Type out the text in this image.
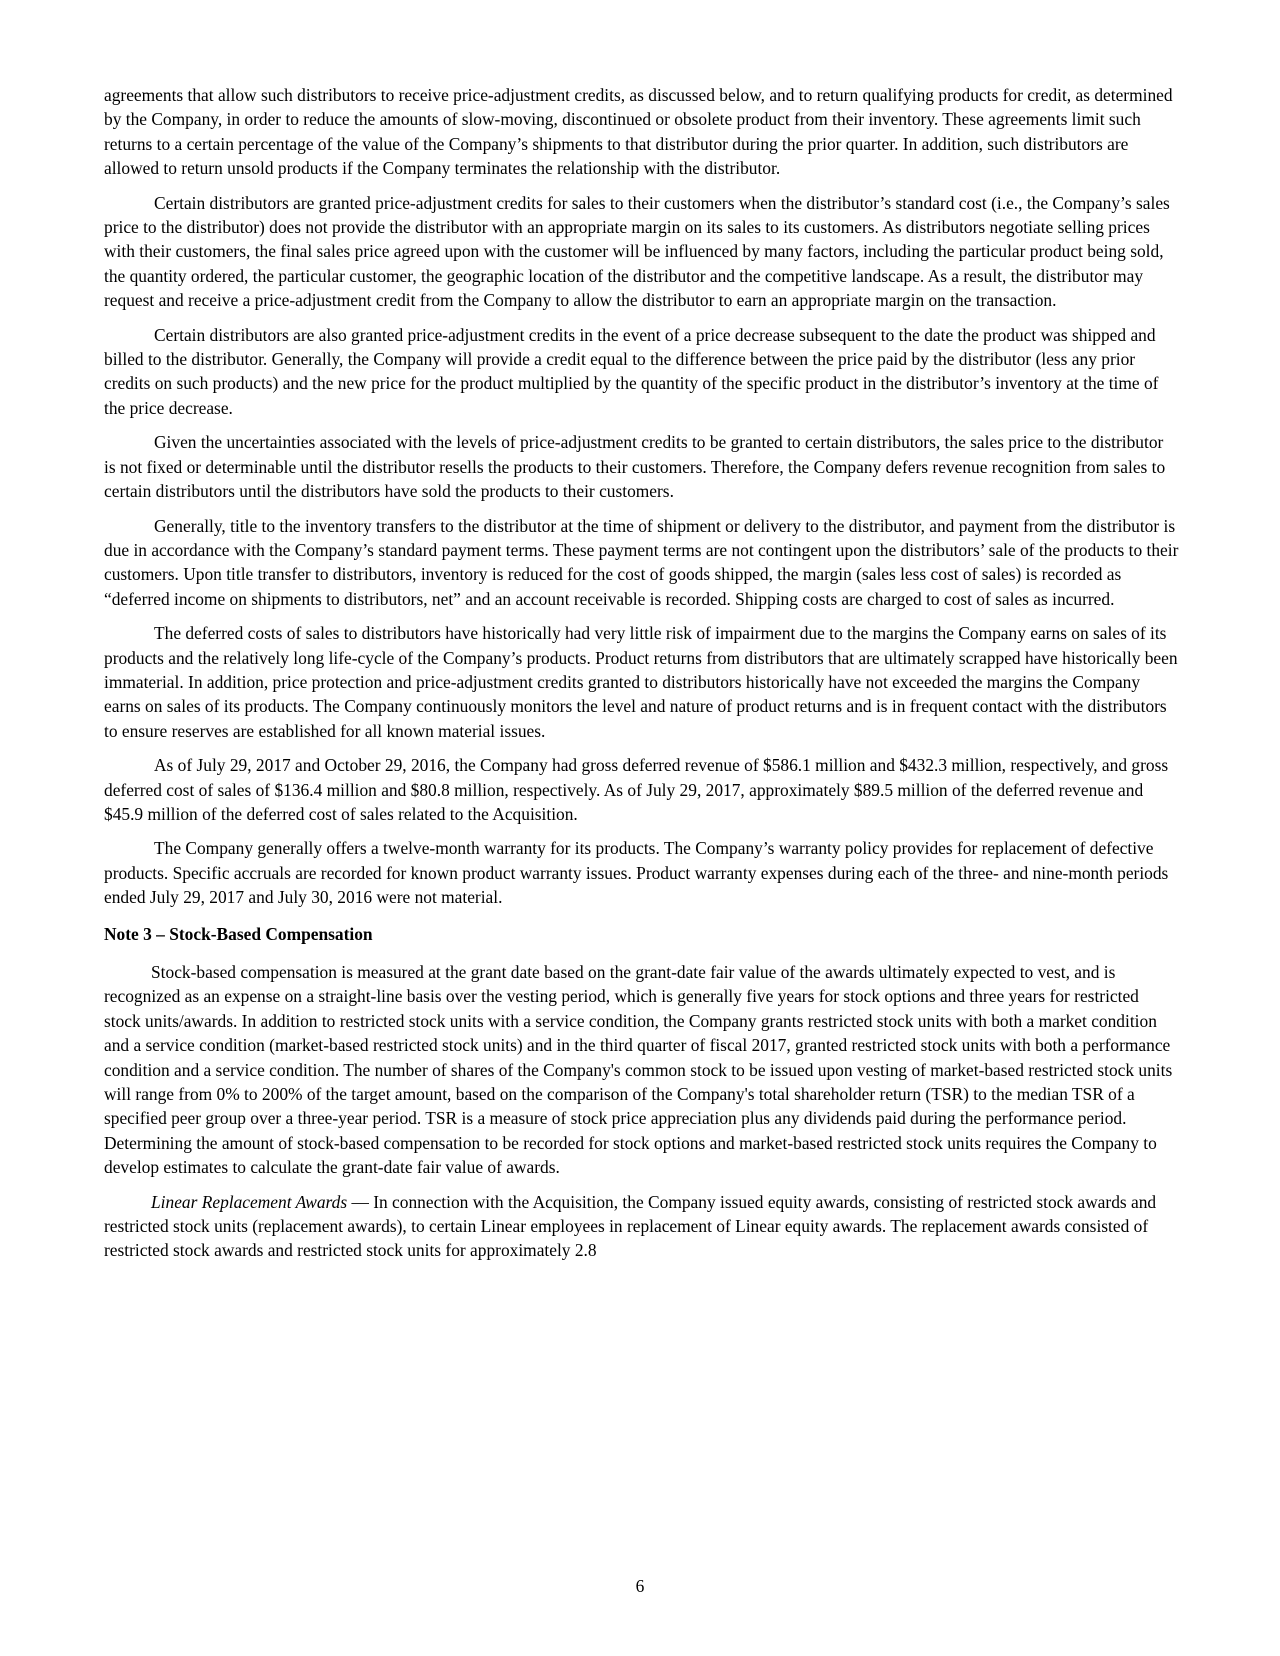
agreements that allow such distributors to receive price-adjustment credits, as discussed below, and to return qualifying products for credit, as determined by the Company, in order to reduce the amounts of slow-moving, discontinued or obsolete product from their inventory. These agreements limit such returns to a certain percentage of the value of the Company’s shipments to that distributor during the prior quarter. In addition, such distributors are allowed to return unsold products if the Company terminates the relationship with the distributor.

Certain distributors are granted price-adjustment credits for sales to their customers when the distributor’s standard cost (i.e., the Company’s sales price to the distributor) does not provide the distributor with an appropriate margin on its sales to its customers. As distributors negotiate selling prices with their customers, the final sales price agreed upon with the customer will be influenced by many factors, including the particular product being sold, the quantity ordered, the particular customer, the geographic location of the distributor and the competitive landscape. As a result, the distributor may request and receive a price-adjustment credit from the Company to allow the distributor to earn an appropriate margin on the transaction.

Certain distributors are also granted price-adjustment credits in the event of a price decrease subsequent to the date the product was shipped and billed to the distributor. Generally, the Company will provide a credit equal to the difference between the price paid by the distributor (less any prior credits on such products) and the new price for the product multiplied by the quantity of the specific product in the distributor’s inventory at the time of the price decrease.

Given the uncertainties associated with the levels of price-adjustment credits to be granted to certain distributors, the sales price to the distributor is not fixed or determinable until the distributor resells the products to their customers. Therefore, the Company defers revenue recognition from sales to certain distributors until the distributors have sold the products to their customers.

Generally, title to the inventory transfers to the distributor at the time of shipment or delivery to the distributor, and payment from the distributor is due in accordance with the Company’s standard payment terms. These payment terms are not contingent upon the distributors’ sale of the products to their customers. Upon title transfer to distributors, inventory is reduced for the cost of goods shipped, the margin (sales less cost of sales) is recorded as “deferred income on shipments to distributors, net” and an account receivable is recorded. Shipping costs are charged to cost of sales as incurred.

The deferred costs of sales to distributors have historically had very little risk of impairment due to the margins the Company earns on sales of its products and the relatively long life-cycle of the Company’s products. Product returns from distributors that are ultimately scrapped have historically been immaterial. In addition, price protection and price-adjustment credits granted to distributors historically have not exceeded the margins the Company earns on sales of its products. The Company continuously monitors the level and nature of product returns and is in frequent contact with the distributors to ensure reserves are established for all known material issues.

As of July 29, 2017 and October 29, 2016, the Company had gross deferred revenue of $586.1 million and $432.3 million, respectively, and gross deferred cost of sales of $136.4 million and $80.8 million, respectively. As of July 29, 2017, approximately $89.5 million of the deferred revenue and $45.9 million of the deferred cost of sales related to the Acquisition.

The Company generally offers a twelve-month warranty for its products. The Company’s warranty policy provides for replacement of defective products. Specific accruals are recorded for known product warranty issues. Product warranty expenses during each of the three- and nine-month periods ended July 29, 2017 and July 30, 2016 were not material.

Note 3 – Stock-Based Compensation

Stock-based compensation is measured at the grant date based on the grant-date fair value of the awards ultimately expected to vest, and is recognized as an expense on a straight-line basis over the vesting period, which is generally five years for stock options and three years for restricted stock units/awards. In addition to restricted stock units with a service condition, the Company grants restricted stock units with both a market condition and a service condition (market-based restricted stock units) and in the third quarter of fiscal 2017, granted restricted stock units with both a performance condition and a service condition. The number of shares of the Company's common stock to be issued upon vesting of market-based restricted stock units will range from 0% to 200% of the target amount, based on the comparison of the Company's total shareholder return (TSR) to the median TSR of a specified peer group over a three-year period. TSR is a measure of stock price appreciation plus any dividends paid during the performance period. Determining the amount of stock-based compensation to be recorded for stock options and market-based restricted stock units requires the Company to develop estimates to calculate the grant-date fair value of awards.

Linear Replacement Awards — In connection with the Acquisition, the Company issued equity awards, consisting of restricted stock awards and restricted stock units (replacement awards), to certain Linear employees in replacement of Linear equity awards. The replacement awards consisted of restricted stock awards and restricted stock units for approximately 2.8

6
